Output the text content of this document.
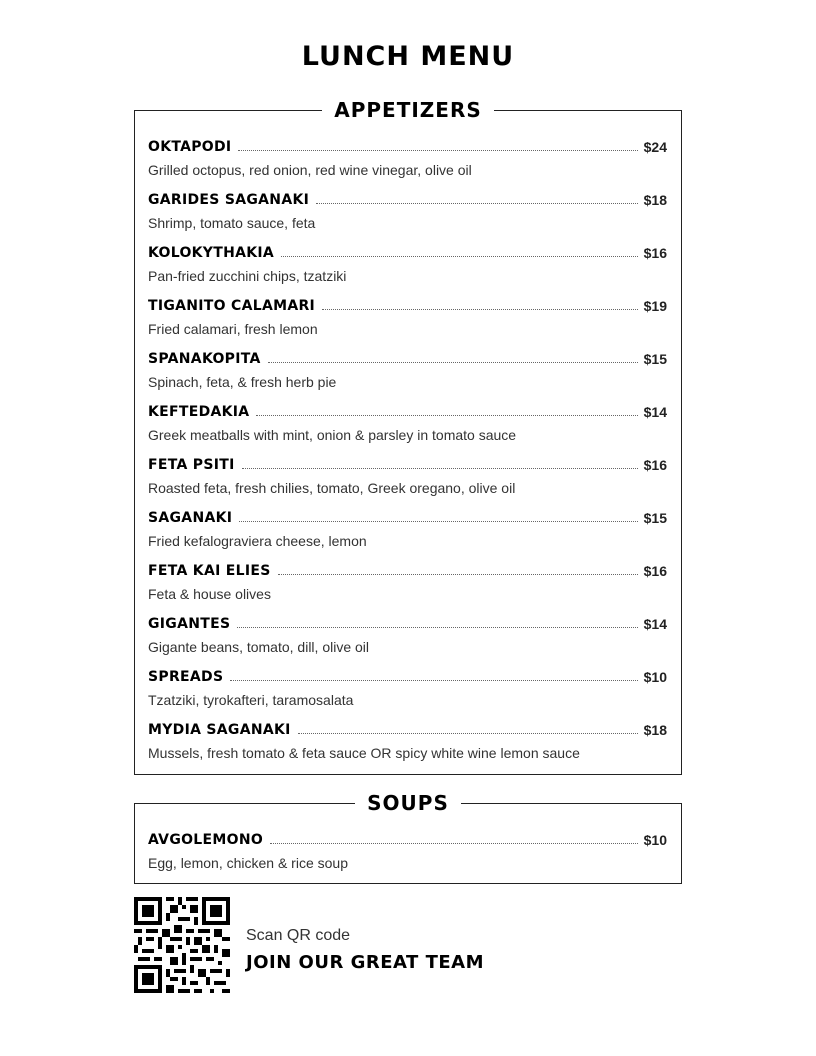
LUNCH MENU
APPETIZERS
OKTAPODI	$24
Grilled octopus, red onion, red wine vinegar, olive oil
GARIDES SAGANAKI	$18
Shrimp, tomato sauce, feta
KOLOKYTHAKIA	$16
Pan-fried zucchini chips, tzatziki
TIGANITO CALAMARI	$19
Fried calamari, fresh lemon
SPANAKOPITA	$15
Spinach, feta, & fresh herb pie
KEFTEDAKIA	$14
Greek meatballs with mint, onion & parsley in tomato sauce
FETA PSITI	$16
Roasted feta, fresh chilies, tomato, Greek oregano, olive oil
SAGANAKI	$15
Fried kefalograviera cheese, lemon
FETA KAI ELIES	$16
Feta & house olives
GIGANTES	$14
Gigante beans, tomato, dill, olive oil
SPREADS	$10
Tzatziki, tyrokafteri, taramosalata
MYDIA SAGANAKI	$18
Mussels, fresh tomato & feta sauce OR spicy white wine lemon sauce
SOUPS
AVGOLEMONO	$10
Egg, lemon, chicken & rice soup
Scan QR code
JOIN OUR GREAT TEAM
